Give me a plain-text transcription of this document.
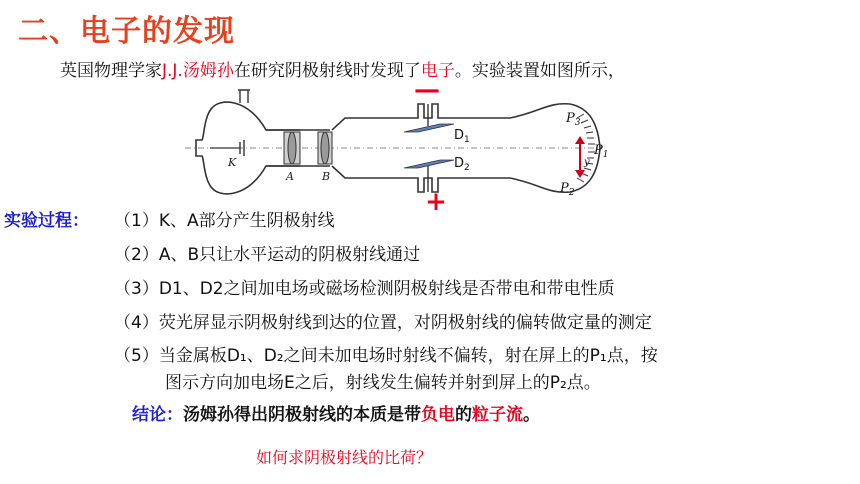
二、电子的发现
英国物理学家J.J.汤姆孙在研究阴极射线时发现了电子。实验装置如图所示，
—
+
K
A	B
$D_1$
$D_2$
$P_3$
$P_1$
$P_2$
y
实验过程： （1）K、A部分产生阴极射线
（2）A、B只让水平运动的阴极射线通过
（3）D1、D2之间加电场或磁场检测阴极射线是否带电和带电性质
（4）荧光屏显示阴极射线到达的位置，对阴极射线的偏转做定量的测定
（5）当金属板D₁、D₂之间未加电场时射线不偏转，射在屏上的P₁点，按
图示方向加电场E之后，射线发生偏转并射到屏上的P₂点。
结论：汤姆孙得出阴极射线的本质是带负电的粒子流。
如何求阴极射线的比荷？
